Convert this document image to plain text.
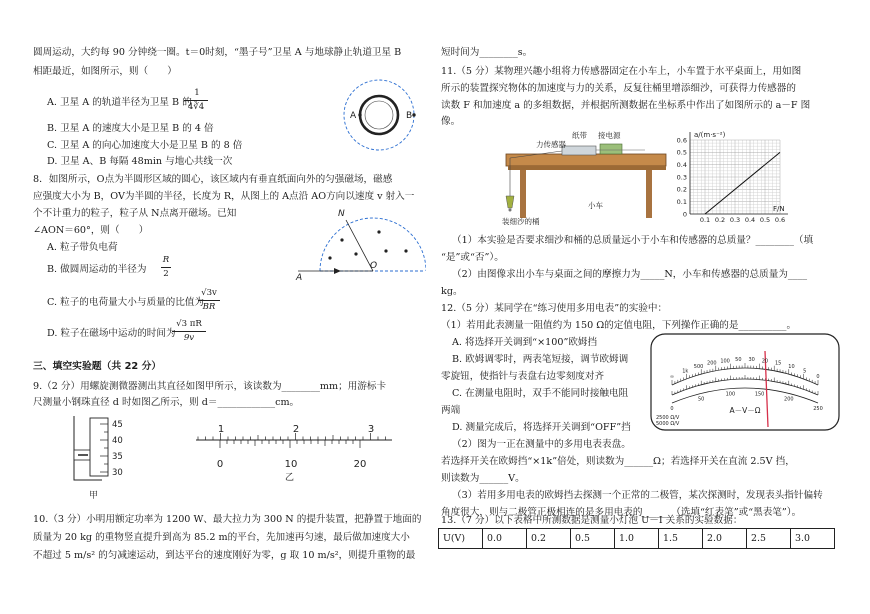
圆周运动，大约每 90 分钟绕一圈。t＝0时刻，“墨子号”卫星 A 与地球静止轨道卫星 B
相距最近，如图所示，则（　　）
A. 卫星 A 的轨道半径为卫星 B 的
1
4∛4
B. 卫星 A 的速度大小是卫星 B 的 4 倍
C. 卫星 A 的向心加速度大小是卫星 B 的 8 倍
D. 卫星 A、B 每隔 48min 与地心共线一次
A	B
8．如图所示，O点为半圆形区域的圆心，该区域内有垂直纸面向外的匀强磁场，磁感
应强度大小为 B，OV为半圆的半径，长度为 R，从图上的 A点沿 AO方向以速度 v 射入一
个不计重力的粒子，粒子从 N点离开磁场。已知
∠AON＝60°，则（　　）
A. 粒子带负电荷
B. 做圆周运动的半径为
R
2
C. 粒子的电荷量大小与质量的比值为
√3v
BR
D. 粒子在磁场中运动的时间为
√3 πR
9v
N
O
A
三、填空实验题（共 22 分）
9.（2 分）用螺旋测微器测出其直径如图甲所示，该读数为________mm；用游标卡
尺测量小钢珠直径 d 时如图乙所示，则 d＝____________cm。
45
40
35
30
甲
1	2	3
0	10	20
乙
10.（3 分）小明用额定功率为 1200 W、最大拉力为 300 N 的提升装置，把静置于地面的
质量为 20 kg 的重物竖直提升到高为 85.2 m的平台，先加速再匀速，最后做加速度大小
不超过 5 m/s² 的匀减速运动，到达平台的速度刚好为零，g 取 10 m/s²，则提升重物的最
短时间为________s。
11.（5 分）某物理兴趣小组将力传感器固定在小车上，小车置于水平桌面上，用如图
所示的装置探究物体的加速度与力的关系，反复往桶里增添细沙，可获得力传感器的
读数 F 和加速度 a 的多组数据，并根据所测数据在坐标系中作出了如图所示的 a－F 图
像。
纸带 接电源
力传感器
小车
装细沙的桶
0
0.1
0.2
0.3
0.4
0.5
0.6
0.1 0.2 0.3 0.4 0.5 0.6
a/(m·s⁻²)
F/N
（1）本实验是否要求细沙和桶的总质量远小于小车和传感器的总质量？________（填
“是”或“否”）。
（2）由图像求出小车与桌面之间的摩擦力为_____N，小车和传感器的总质量为____
kg。
12.（5 分）某同学在“练习使用多用电表”的实验中：
（1）若用此表测量一阻值约为 150 Ω的定值电阻，下列操作正确的是__________。
A. 将选择开关调到“×100”欧姆挡
B. 欧姆调零时，两表笔短接，调节欧姆调
零旋钮，使指针与表盘右边零刻度对齐
C. 在测量电阻时，双手不能同时接触电阻
两端
D. 测量完成后，将选择开关调到“OFF”挡
（2）图为一正在测量中的多用电表表盘。
A－V－Ω
2500 Ω/V
5000 Ω/V
∞
1k
500
200 100 50 30 20 15
10
5
0
0
50
100	150
200
250
若选择开关在欧姆挡“×1k”倍处，则读数为______Ω；若选择开关在直流 2.5V 挡，
则读数为______V。
（3）若用多用电表的欧姆挡去探测一个正常的二极管，某次探测时，发现表头指针偏转
角度很大，则与二极管正极相连的是多用电表的______（选填“红表笔”或“黑表笔”）。
13.（7 分）以下表格中所测数据是测量小灯泡 U－I 关系的实验数据：
U(V)	0.0	0.2	0.5	1.0	1.5	2.0	2.5	3.0
